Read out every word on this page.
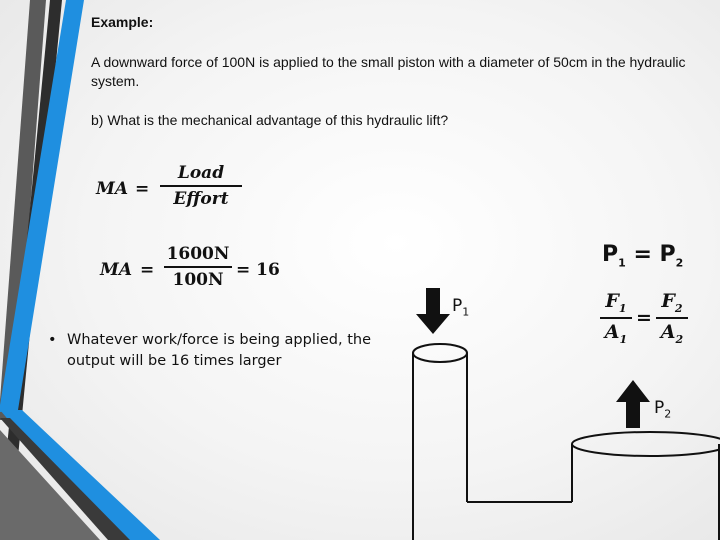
Example:
A downward force of 100N is applied to the small piston with a diameter of 50cm in the hydraulic system.
b) What is the mechanical advantage of this hydraulic lift?
MA =
Load
Effort
MA = $\frac{1600N}{100N} = 16$
• Whatever work/force is being applied, the output will be 16 times larger
$P_1 = P_2$
$\frac{F_1}{A_1} = \frac{F_2}{A_2}$
$P_1$
$P_2$
